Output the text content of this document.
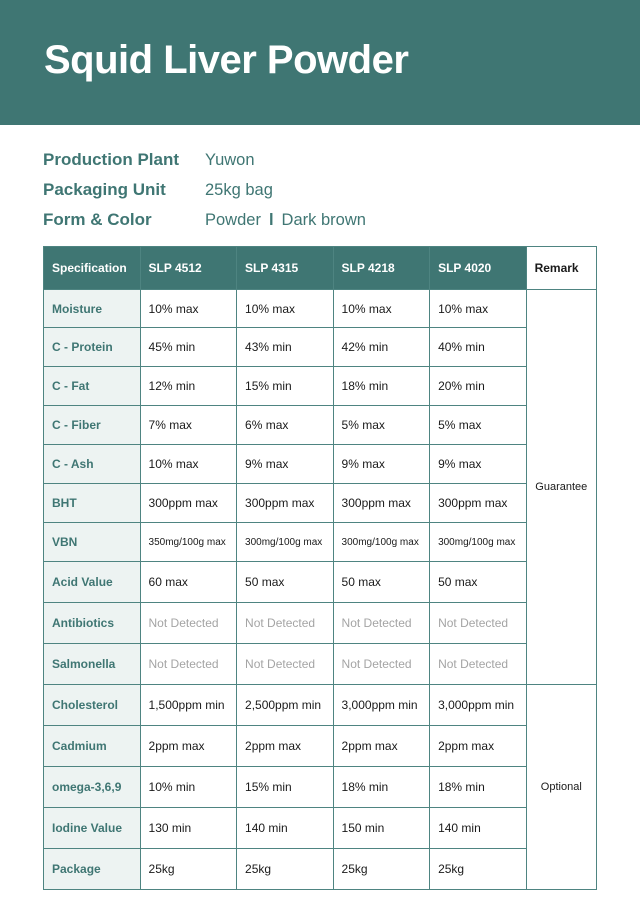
Squid Liver Powder
Production Plant	Yuwon
Packaging Unit	25kg bag
Form & Color	Powder l Dark brown
Specification	SLP 4512	SLP 4315	SLP 4218	SLP 4020	Remark
Moisture	10% max	10% max	10% max	10% max	Guarantee
C - Protein	45% min	43% min	42% min	40% min	
C - Fat	12% min	15% min	18% min	20% min	
C - Fiber	7% max	6% max	5% max	5% max	
C - Ash	10% max	9% max	9% max	9% max	
BHT	300ppm max	300ppm max	300ppm max	300ppm max	
VBN	350mg/100g max	300mg/100g max	300mg/100g max	300mg/100g max	
Acid Value	60 max	50 max	50 max	50 max	
Antibiotics	Not Detected	Not Detected	Not Detected	Not Detected	
Salmonella	Not Detected	Not Detected	Not Detected	Not Detected	
Cholesterol	1,500ppm min	2,500ppm min	3,000ppm min	3,000ppm min	Optional
Cadmium	2ppm max	2ppm max	2ppm max	2ppm max	
omega-3,6,9	10% min	15% min	18% min	18% min	
Iodine Value	130 min	140 min	150 min	140 min	
Package	25kg	25kg	25kg	25kg	
